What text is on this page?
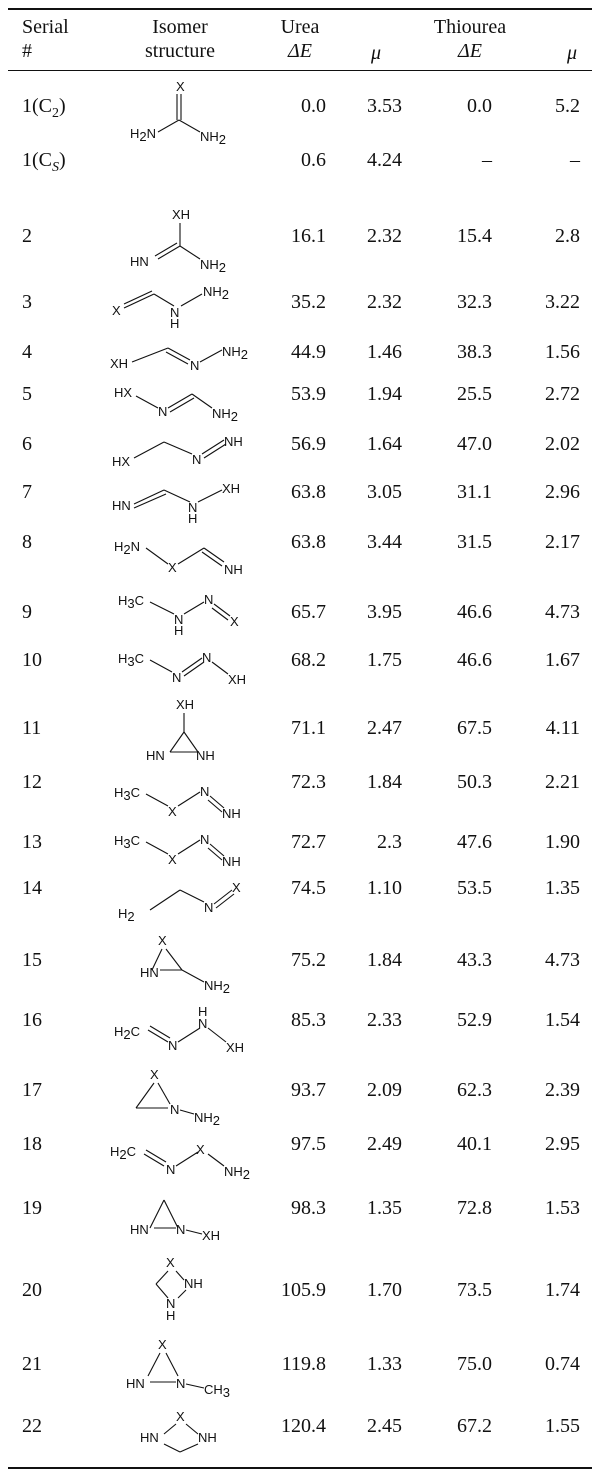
Serial
#
Isomer
structure
Urea
ΔE	μ
Thiourea
ΔE	μ
$1(C_2)$	0.0 3.53	0.0	5.2
$1(C_S)$	0.6 4.24	–	–
2	16.1 2.32	15.4	2.8
3	35.2 2.32	32.3	3.22
4	44.9 1.46	38.3	1.56
5	53.9 1.94	25.5	2.72
6	56.9 1.64	47.0	2.02
7	63.8 3.05	31.1	2.96
8	63.8 3.44	31.5	2.17
9	65.7 3.95	46.6	4.73
10	68.2 1.75	46.6	1.67
11	71.1 2.47	67.5	4.11
12	72.3 1.84	50.3	2.21
13	72.7	2.3	47.6	1.90
14	74.5 1.10	53.5	1.35
15	75.2 1.84	43.3	4.73
16	85.3 2.33	52.9	1.54
17	93.7 2.09	62.3	2.39
18	97.5 2.49	40.1	2.95
19	98.3 1.35	72.8	1.53
20	105.9 1.70	73.5	1.74
21	119.8 1.33	75.0	0.74
22	120.4 2.45	67.2	1.55
X
H2N	NH2
XH
HN	NH2
X	N
H
NH2
XH	N
NH2
HX
N	NH2
HX	N
NH
HN	N
H
XH
H2N
X	NH
H3C
N
H
N
X
H3C
N
N
XH
XH
HN NH
H3C
X
N
NH
H3C
X
N
NH
H2
N
X
X
HN
NH2
H2C
N
H
N
XH
X
N
NH2
H2C
N
X
NH2
HN N XH
X
NH
N
H
X
HN N CH3
X
HN	NH
